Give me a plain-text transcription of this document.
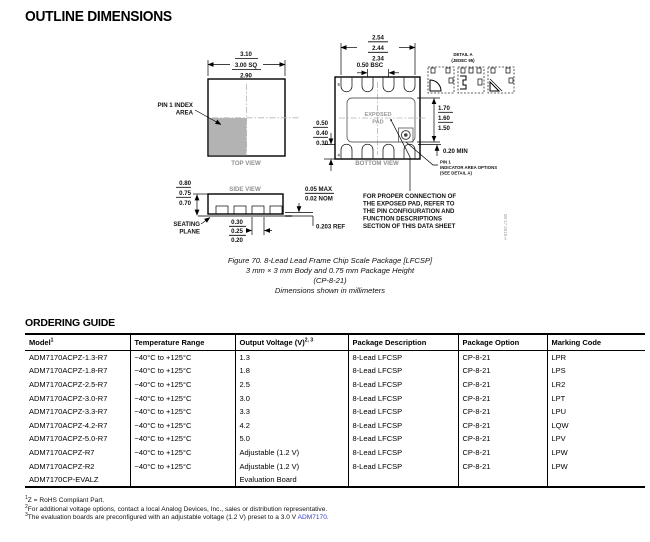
OUTLINE DIMENSIONS
3.10
3.00 SQ
2.90
PIN 1 INDEX
AREA
TOP VIEW
0.50
0.40
0.30
EXPOSED
PAD
5
4
BOTTOM VIEW
2.54
2.44
2.34
0.50 BSC
1.70
1.60
1.50
0.20 MIN
PIN 1
INDICATOR AREA OPTIONS
(SEE DETAIL A)
DETAIL A
(JEDEC 95)
SIDE VIEW
0.80
0.75
0.70
SEATING
PLANE
0.30
0.25
0.20
0.05 MAX
0.02 NOM
0.203 REF
FOR PROPER CONNECTION OF
THE EXPOSED PAD, REFER TO
THE PIN CONFIGURATION AND
FUNCTION DESCRIPTIONS
SECTION OF THIS DATA SHEET	08-17-2018-A
Figure 70. 8-Lead Lead Frame Chip Scale Package [LFCSP]
3 mm × 3 mm Body and 0.75 mm Package Height
(CP-8-21)
Dimensions shown in millimeters
ORDERING GUIDE
Model$^1$	Temperature Range	Output Voltage $(V)^{2, 3}$	Package Description	Package Option	Marking Code
ADM7170ACPZ-1.3-R7	−40°C to +125°C	1.3	8-Lead LFCSP	CP-8-21	LPR
ADM7170ACPZ-1.8-R7	−40°C to +125°C	1.8	8-Lead LFCSP	CP-8-21	LPS
ADM7170ACPZ-2.5-R7	−40°C to +125°C	2.5	8-Lead LFCSP	CP-8-21	LR2
ADM7170ACPZ-3.0-R7	−40°C to +125°C	3.0	8-Lead LFCSP	CP-8-21	LPT
ADM7170ACPZ-3.3-R7	−40°C to +125°C	3.3	8-Lead LFCSP	CP-8-21	LPU
ADM7170ACPZ-4.2-R7	−40°C to +125°C	4.2	8-Lead LFCSP	CP-8-21	LQW
ADM7170ACPZ-5.0-R7	−40°C to +125°C	5.0	8-Lead LFCSP	CP-8-21	LPV
ADM7170ACPZ-R7	−40°C to +125°C	Adjustable (1.2 V)	8-Lead LFCSP	CP-8-21	LPW
ADM7170ACPZ-R2	−40°C to +125°C	Adjustable (1.2 V)	8-Lead LFCSP	CP-8-21	LPW
ADM7170CP-EVALZ		Evaluation Board			
$^1$Z = RoHS Compliant Part.
$^2$For additional voltage options, contact a local Analog Devices, Inc., sales or distribution representative.
$^3$The evaluation boards are preconfigured with an adjustable voltage (1.2 V) preset to a 3.0 V ADM7170.
